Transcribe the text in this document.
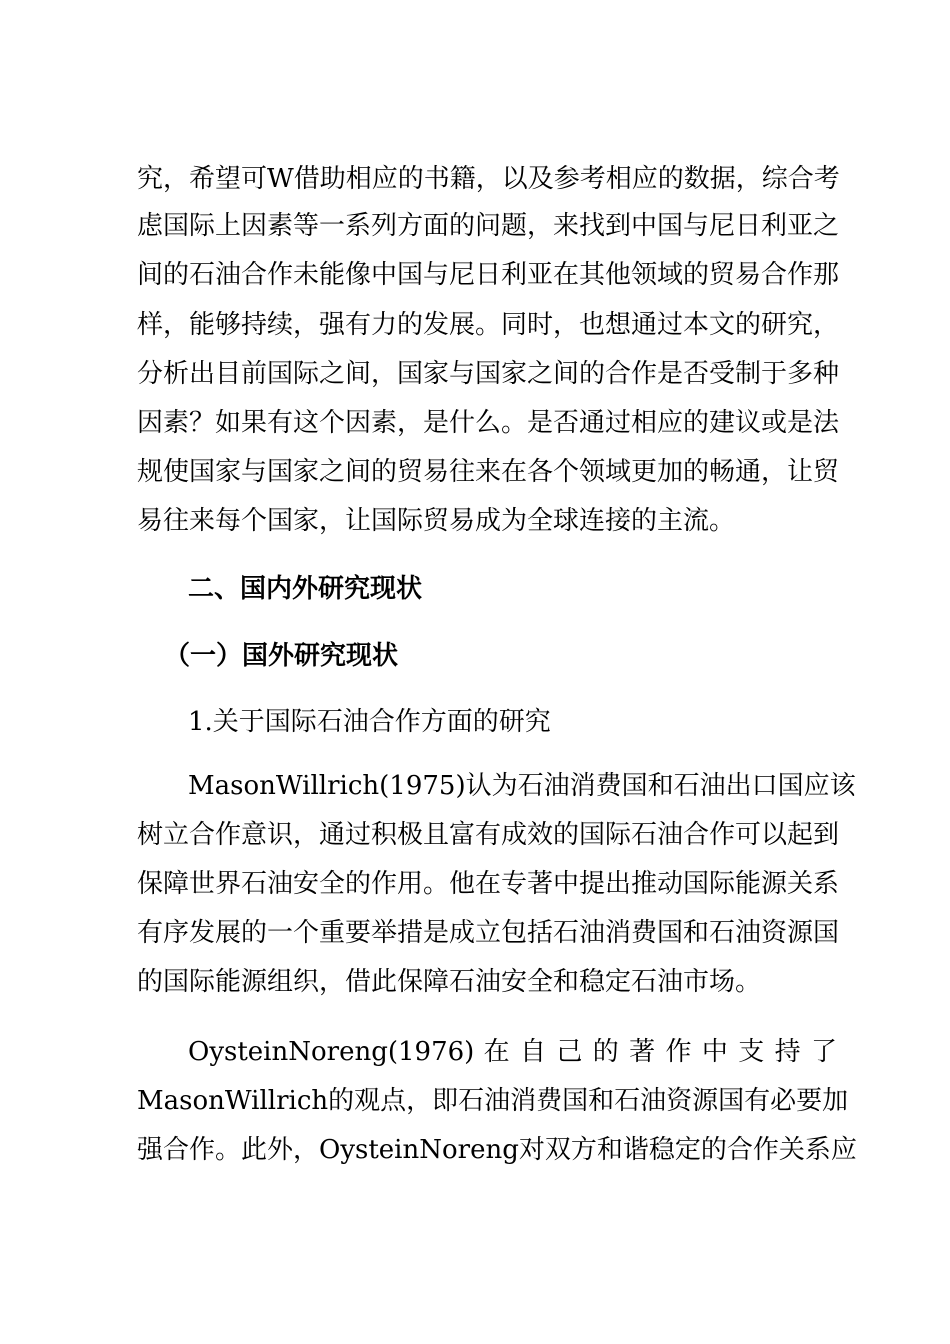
究，希望可W借助相应的书籍，以及参考相应的数据，综合考
虑国际上因素等一系列方面的问题，来找到中国与尼日利亚之
间的石油合作未能像中国与尼日利亚在其他领域的贸易合作那
样，能够持续，强有力的发展。同时，也想通过本文的研究，
分析出目前国际之间，国家与国家之间的合作是否受制于多种
因素？如果有这个因素，是什么。是否通过相应的建议或是法
规使国家与国家之间的贸易往来在各个领域更加的畅通，让贸
易往来每个国家，让国际贸易成为全球连接的主流。
二、国内外研究现状
（一）国外研究现状
1.关于国际石油合作方面的研究
MasonWillrich(1975)认为石油消费国和石油出口国应该
树立合作意识，通过积极且富有成效的国际石油合作可以起到
保障世界石油安全的作用。他在专著中提出推动国际能源关系
有序发展的一个重要举措是成立包括石油消费国和石油资源国
的国际能源组织，借此保障石油安全和稳定石油市场。
OysteinNoreng(1976) 在 自 己 的 著 作 中 支 持 了
MasonWillrich的观点，即石油消费国和石油资源国有必要加
强合作。此外，OysteinNoreng对双方和谐稳定的合作关系应
